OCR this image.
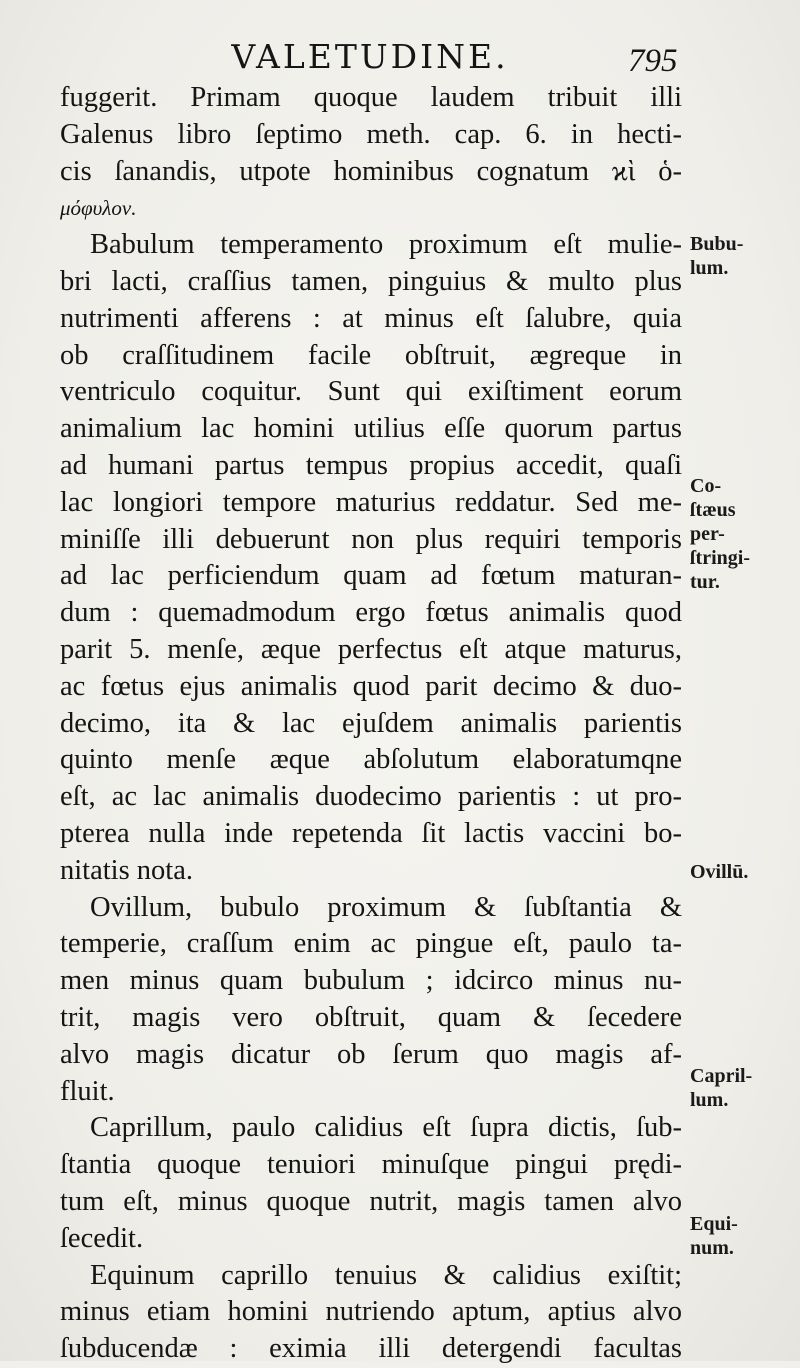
VALETUDINE.	795
fuggerit. Primam quoque laudem tribuit illi
Galenus libro ſeptimo meth. cap. 6. in hecti-
cis ſanandis, utpote hominibus cognatum ϰὶ ὁ-
μόφυλον.
Babulum temperamento proximum eſt mulie-
bri lacti, craſſius tamen, pinguius & multo plus
nutrimenti afferens : at minus eſt ſalubre, quia
ob craſſitudinem facile obſtruit, ægreque in
ventriculo coquitur. Sunt qui exiſtiment eorum
animalium lac homini utilius eſſe quorum partus
ad humani partus tempus propius accedit, quaſi
lac longiori tempore maturius reddatur. Sed me-
miniſſe illi debuerunt non plus requiri temporis
ad lac perficiendum quam ad fœtum maturan-
dum : quemadmodum ergo fœtus animalis quod
parit 5. menſe, æque perfectus eſt atque maturus,
ac fœtus ejus animalis quod parit decimo & duo-
decimo, ita & lac ejuſdem animalis parientis
quinto menſe æque abſolutum elaboratumqne
eſt, ac lac animalis duodecimo parientis : ut pro-
pterea nulla inde repetenda ſit lactis vaccini bo-
nitatis nota.
Ovillum, bubulo proximum & ſubſtantia &
temperie, craſſum enim ac pingue eſt, paulo ta-
men minus quam bubulum ; idcirco minus nu-
trit, magis vero obſtruit, quam & ſecedere
alvo magis dicatur ob ſerum quo magis af-
fluit.
Caprillum, paulo calidius eſt ſupra dictis, ſub-
ſtantia quoque tenuiori minuſque pingui prędi-
tum eſt, minus quoque nutrit, magis tamen alvo
ſecedit.
Equinum caprillo tenuius & calidius exiſtit;
minus etiam homini nutriendo aptum, aptius alvo
ſubducendæ : eximia illi detergendi facultas
Bubu-
lum.
Co-
ſtæus
per-
ſtringi-
tur.
Ovillū.
Capril-
lum.
Equi-
num.
